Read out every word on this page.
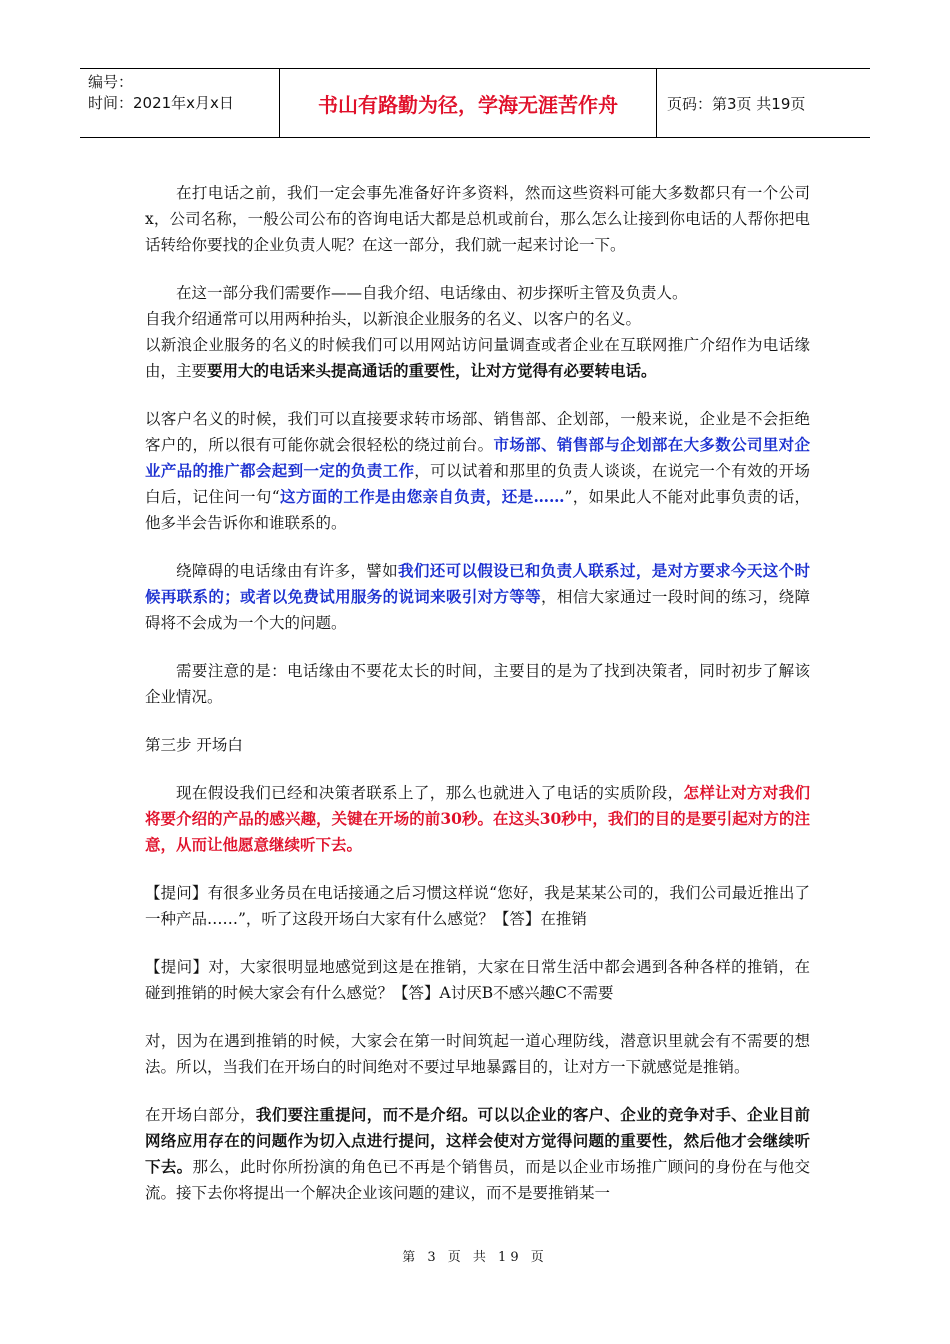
编号：
时间：2021年x月x日	书山有路勤为径，学海无涯苦作舟	页码：第3页 共19页

在打电话之前，我们一定会事先准备好许多资料，然而这些资料可能大多数都只有一个公司x，公司名称，一般公司公布的咨询电话大都是总机或前台，那么怎么让接到你电话的人帮你把电话转给你要找的企业负责人呢？在这一部分，我们就一起来讨论一下。

在这一部分我们需要作——自我介绍、电话缘由、初步探听主管及负责人。

自我介绍通常可以用两种抬头，以新浪企业服务的名义、以客户的名义。

以新浪企业服务的名义的时候我们可以用网站访问量调查或者企业在互联网推广介绍作为电话缘由，主要要用大的电话来头提高通话的重要性，让对方觉得有必要转电话。

以客户名义的时候，我们可以直接要求转市场部、销售部、企划部，一般来说，企业是不会拒绝客户的，所以很有可能你就会很轻松的绕过前台。市场部、销售部与企划部在大多数公司里对企业产品的推广都会起到一定的负责工作，可以试着和那里的负责人谈谈，在说完一个有效的开场白后，记住问一句“这方面的工作是由您亲自负责，还是……”，如果此人不能对此事负责的话，他多半会告诉你和谁联系的。

绕障碍的电话缘由有许多，譬如我们还可以假设已和负责人联系过，是对方要求今天这个时候再联系的；或者以免费试用服务的说词来吸引对方等等，相信大家通过一段时间的练习，绕障碍将不会成为一个大的问题。

需要注意的是：电话缘由不要花太长的时间，主要目的是为了找到决策者，同时初步了解该企业情况。

第三步 开场白

现在假设我们已经和决策者联系上了，那么也就进入了电话的实质阶段，怎样让对方对我们将要介绍的产品的感兴趣，关键在开场的前30秒。在这头30秒中，我们的目的是要引起对方的注意，从而让他愿意继续听下去。

【提问】有很多业务员在电话接通之后习惯这样说“您好，我是某某公司的，我们公司最近推出了一种产品……”，听了这段开场白大家有什么感觉？【答】在推销

【提问】对，大家很明显地感觉到这是在推销，大家在日常生活中都会遇到各种各样的推销，在碰到推销的时候大家会有什么感觉？【答】A讨厌B不感兴趣C不需要

对，因为在遇到推销的时候，大家会在第一时间筑起一道心理防线，潜意识里就会有不需要的想法。所以，当我们在开场白的时间绝对不要过早地暴露目的，让对方一下就感觉是推销。

在开场白部分，我们要注重提问，而不是介绍。可以以企业的客户、企业的竞争对手、企业目前网络应用存在的问题作为切入点进行提问，这样会使对方觉得问题的重要性，然后他才会继续听下去。那么，此时你所扮演的角色已不再是个销售员，而是以企业市场推广顾问的身份在与他交流。接下去你将提出一个解决企业该问题的建议，而不是要推销某一

第 3 页 共 19 页
